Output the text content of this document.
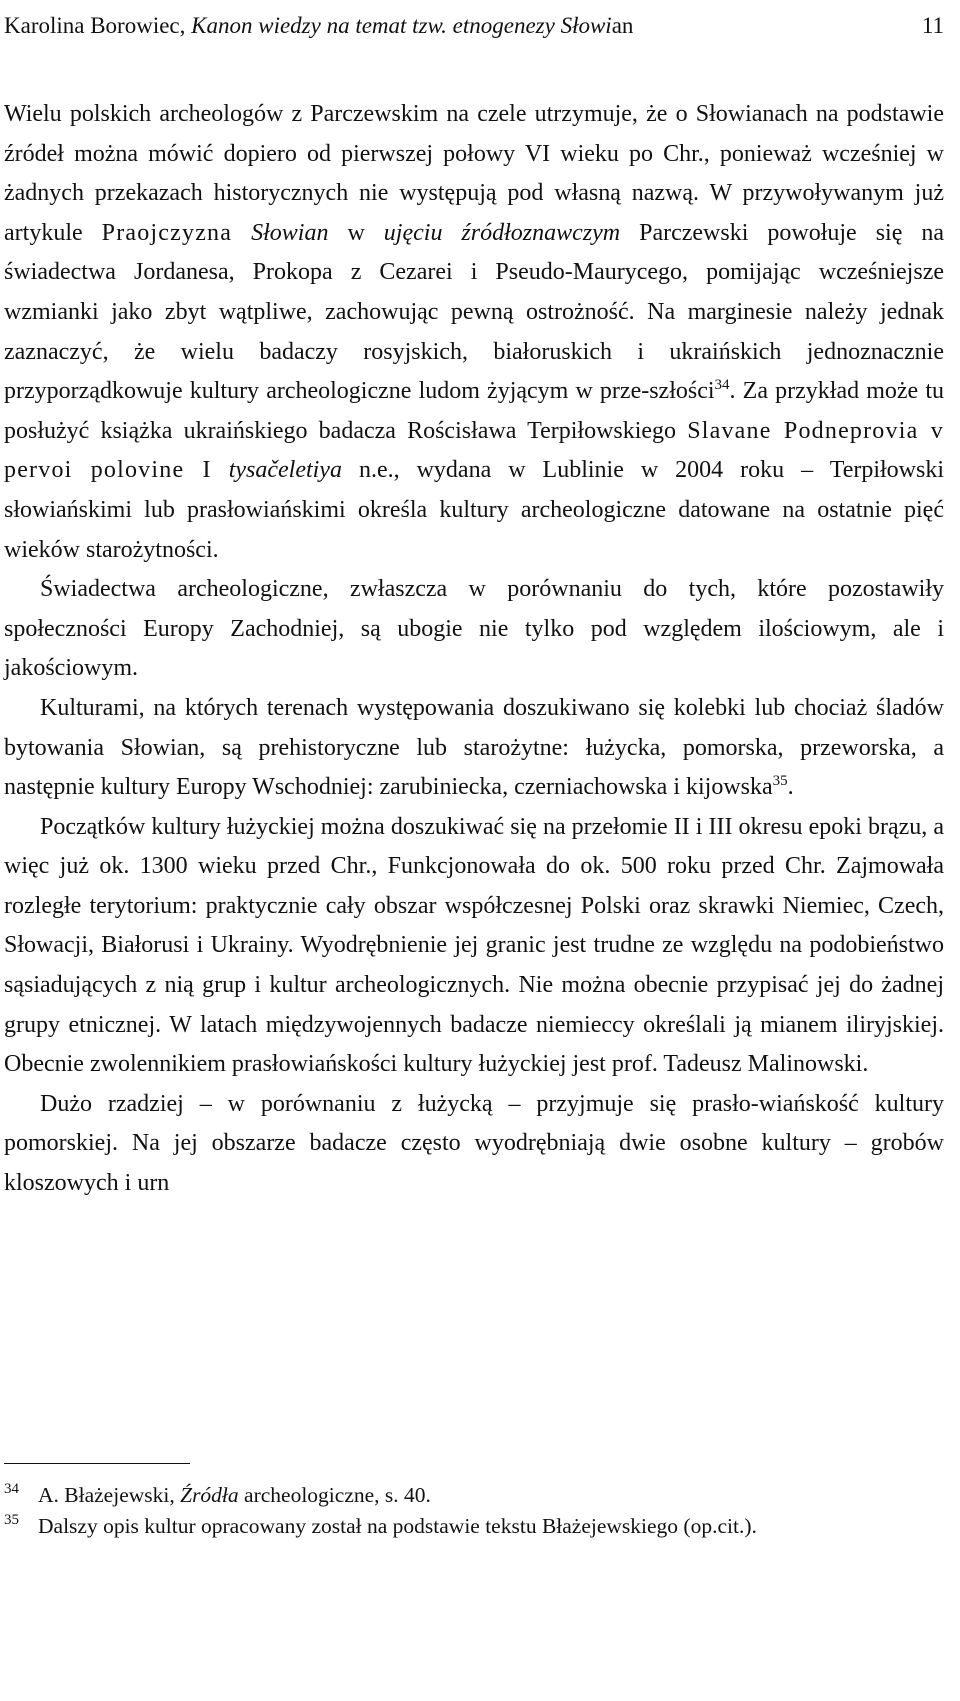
Karolina Borowiec, Kanon wiedzy na temat tzw. etnogenezy Słowian	11

Wielu polskich archeologów z Parczewskim na czele utrzymuje, że o Słowianach na podstawie źródeł można mówić dopiero od pierwszej połowy VI wieku po Chr., ponieważ wcześniej w żadnych przekazach historycznych nie występują pod własną nazwą. W przywoływanym już artykule Praojczyzna Słowian w ujęciu źródłoznawczym Parczewski powołuje się na świadectwa Jordanesa, Prokopa z Cezarei i Pseudo-Maurycego, pomijając wcześniejsze wzmianki jako zbyt wątpliwe, zachowując pewną ostrożność. Na marginesie należy jednak zaznaczyć, że wielu badaczy rosyjskich, białoruskich i ukraińskich jednoznacznie przyporządkowuje kultury archeologiczne ludom żyjącym w prze-szłości$^{34}$. Za przykład może tu posłużyć książka ukraińskiego badacza Rościsława Terpiłowskiego Slavane Podneprovia v pervoi polovine I tysačeletiya n.e., wydana w Lublinie w 2004 roku – Terpiłowski słowiańskimi lub prasłowiańskimi określa kultury archeologiczne datowane na ostatnie pięć wieków starożytności.

Świadectwa archeologiczne, zwłaszcza w porównaniu do tych, które pozostawiły społeczności Europy Zachodniej, są ubogie nie tylko pod względem ilościowym, ale i jakościowym.

Kulturami, na których terenach występowania doszukiwano się kolebki lub chociaż śladów bytowania Słowian, są prehistoryczne lub starożytne: łużycka, pomorska, przeworska, a następnie kultury Europy Wschodniej: zarubiniecka, czerniachowska i kijowska$^{35}$.

Początków kultury łużyckiej można doszukiwać się na przełomie II i III okresu epoki brązu, a więc już ok. 1300 wieku przed Chr., Funkcjonowała do ok. 500 roku przed Chr. Zajmowała rozległe terytorium: praktycznie cały obszar współczesnej Polski oraz skrawki Niemiec, Czech, Słowacji, Białorusi i Ukrainy. Wyodrębnienie jej granic jest trudne ze względu na podobieństwo sąsiadujących z nią grup i kultur archeologicznych. Nie można obecnie przypisać jej do żadnej grupy etnicznej. W latach międzywojennych badacze niemieccy określali ją mianem iliryjskiej. Obecnie zwolennikiem prasłowiańskości kultury łużyckiej jest prof. Tadeusz Malinowski.

Dużo rzadziej – w porównaniu z łużycką – przyjmuje się prasło-wiańskość kultury pomorskiej. Na jej obszarze badacze często wyodrębniają dwie osobne kultury – grobów kloszowych i urn

34 A. Błażejewski, Źródła archeologiczne, s. 40.
35 Dalszy opis kultur opracowany został na podstawie tekstu Błażejewskiego (op.cit.).
